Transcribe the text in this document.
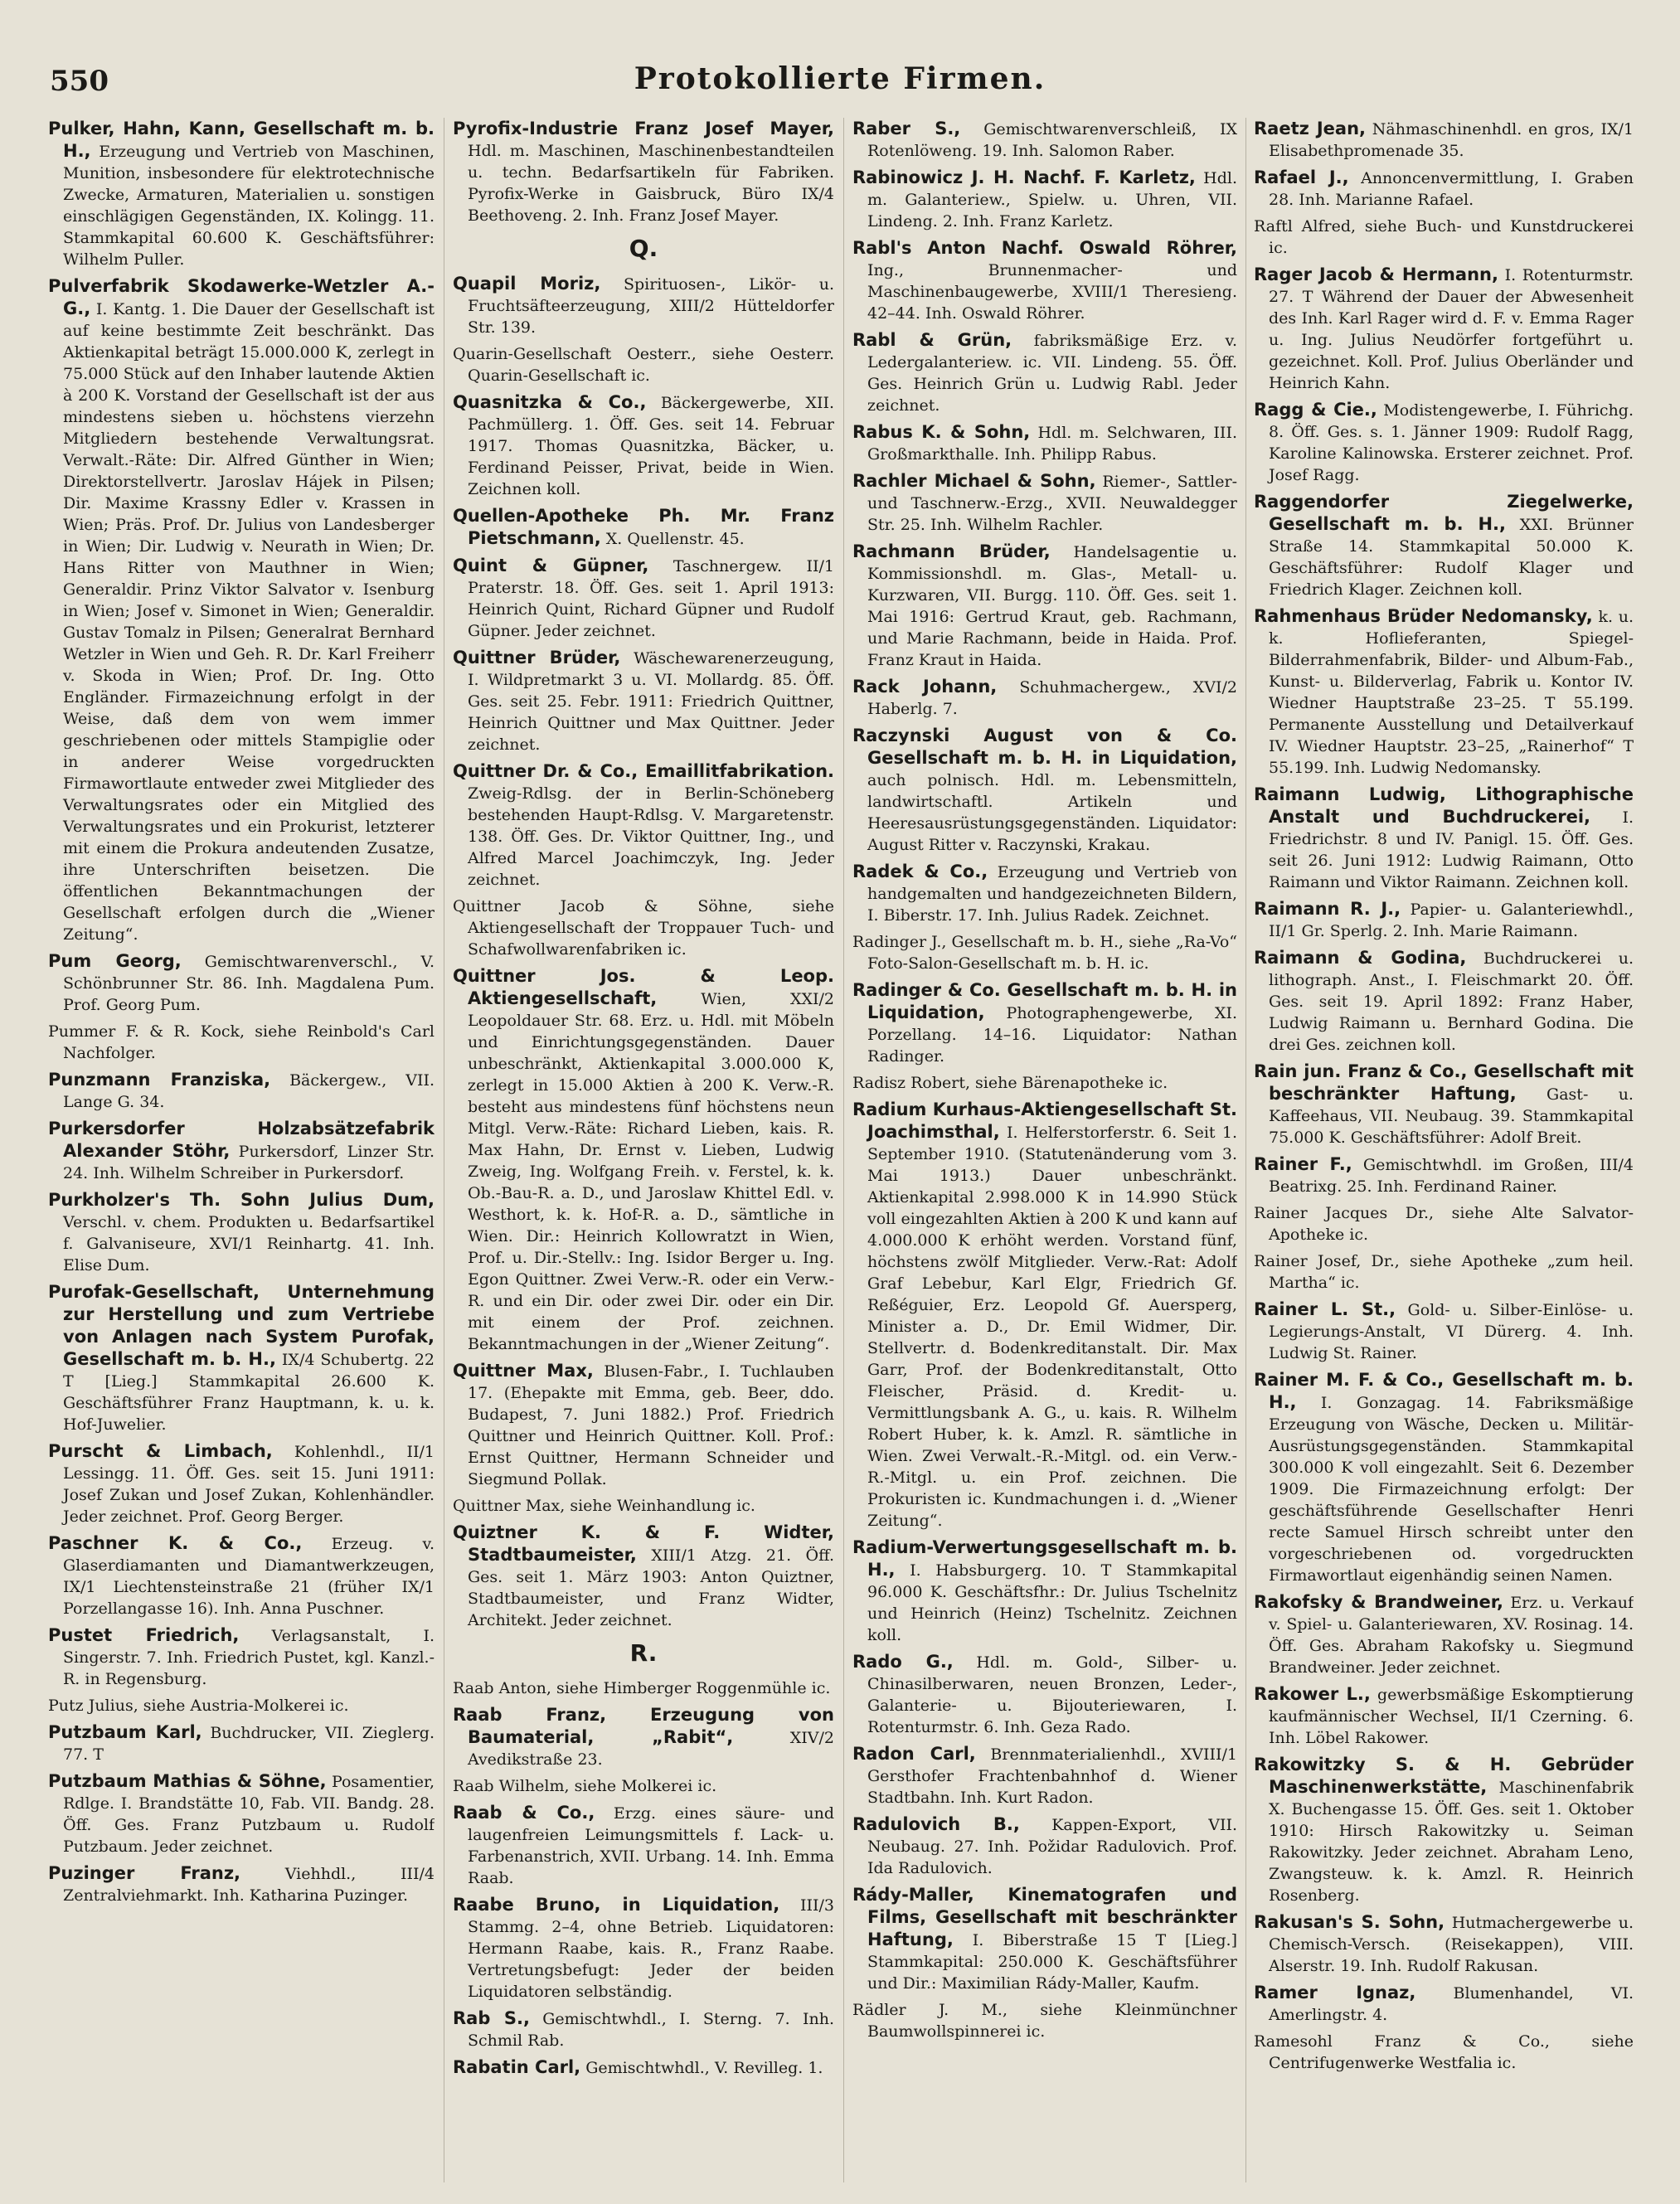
550	Protokollierte Firmen.
Pulker, Hahn, Kann, Gesellschaft m. b. H., Erzeugung und Vertrieb von Maschinen, Munition, insbesondere für elektrotechnische Zwecke, Armaturen, Materialien u. sonstigen einschlägigen Gegenständen, IX. Kolingg. 11. Stammkapital 60.600 K. Geschäftsführer: Wilhelm Puller.
Pulverfabrik Skodawerke-Wetzler A.-G., I. Kantg. 1. Die Dauer der Gesellschaft ist auf keine bestimmte Zeit beschränkt. Das Aktienkapital beträgt 15.000.000 K, zerlegt in 75.000 Stück auf den Inhaber lautende Aktien à 200 K. Vorstand der Gesellschaft ist der aus mindestens sieben u. höchstens vierzehn Mitgliedern bestehende Verwaltungsrat. Verwalt.-Räte: Dir. Alfred Günther in Wien; Direktorstellvertr. Jaroslav Hájek in Pilsen; Dir. Maxime Krassny Edler v. Krassen in Wien; Präs. Prof. Dr. Julius von Landesberger in Wien; Dir. Ludwig v. Neurath in Wien; Dr. Hans Ritter von Mauthner in Wien; Generaldir. Prinz Viktor Salvator v. Isenburg in Wien; Josef v. Simonet in Wien; Generaldir. Gustav Tomalz in Pilsen; Generalrat Bernhard Wetzler in Wien und Geh. R. Dr. Karl Freiherr v. Skoda in Wien; Prof. Dr. Ing. Otto Engländer. Firmazeichnung erfolgt in der Weise, daß dem von wem immer geschriebenen oder mittels Stampiglie oder in anderer Weise vorgedruckten Firmawortlaute entweder zwei Mitglieder des Verwaltungsrates oder ein Mitglied des Verwaltungsrates und ein Prokurist, letzterer mit einem die Prokura andeutenden Zusatze, ihre Unterschriften beisetzen. Die öffentlichen Bekanntmachungen der Gesellschaft erfolgen durch die „Wiener Zeitung“.
Pum Georg, Gemischtwarenverschl., V. Schönbrunner Str. 86. Inh. Magdalena Pum. Prof. Georg Pum.
Pummer F. & R. Kock, siehe Reinbold's Carl Nachfolger.
Punzmann Franziska, Bäckergew., VII. Lange G. 34.
Purkersdorfer Holzabsätzefabrik Alexander Stöhr, Purkersdorf, Linzer Str. 24. Inh. Wilhelm Schreiber in Purkersdorf.
Purkholzer's Th. Sohn Julius Dum, Verschl. v. chem. Produkten u. Bedarfsartikel f. Galvaniseure, XVI/1 Reinhartg. 41. Inh. Elise Dum.
Purofak-Gesellschaft, Unternehmung zur Herstellung und zum Vertriebe von Anlagen nach System Purofak, Gesellschaft m. b. H., IX/4 Schubertg. 22 T [Lieg.] Stammkapital 26.600 K. Geschäftsführer Franz Hauptmann, k. u. k. Hof-Juwelier.
Purscht & Limbach, Kohlenhdl., II/1 Lessingg. 11. Öff. Ges. seit 15. Juni 1911: Josef Zukan und Josef Zukan, Kohlenhändler. Jeder zeichnet. Prof. Georg Berger.
Paschner K. & Co., Erzeug. v. Glaserdiamanten und Diamantwerkzeugen, IX/1 Liechtensteinstraße 21 (früher IX/1 Porzellangasse 16). Inh. Anna Puschner.
Pustet Friedrich, Verlagsanstalt, I. Singerstr. 7. Inh. Friedrich Pustet, kgl. Kanzl.-R. in Regensburg.
Putz Julius, siehe Austria-Molkerei ic.
Putzbaum Karl, Buchdrucker, VII. Zieglerg. 77. T
Putzbaum Mathias & Söhne, Posamentier, Rdlge. I. Brandstätte 10, Fab. VII. Bandg. 28. Öff. Ges. Franz Putzbaum u. Rudolf Putzbaum. Jeder zeichnet.
Puzinger Franz,	Viehhdl., III/4 Zentralviehmarkt. Inh. Katharina Puzinger.
Pyrofix-Industrie Franz Josef Mayer, Hdl. m. Maschinen, Maschinenbestandteilen u. techn. Bedarfsartikeln für Fabriken. Pyrofix-Werke in Gaisbruck, Büro IX/4 Beethoveng. 2. Inh. Franz Josef Mayer.
Q.
Quapil Moriz, Spirituosen-, Likör- u. Fruchtsäfteerzeugung, XIII/2 Hütteldorfer Str. 139.
Quarin-Gesellschaft Oesterr., siehe Oesterr. Quarin-Gesellschaft ic.
Quasnitzka & Co., Bäckergewerbe, XII. Pachmüllerg. 1. Öff. Ges. seit 14. Februar 1917. Thomas Quasnitzka, Bäcker, u. Ferdinand Peisser, Privat, beide in Wien. Zeichnen koll.
Quellen-Apotheke Ph. Mr. Franz Pietschmann, X. Quellenstr. 45.
Quint & Güpner, Taschnergew. II/1 Praterstr. 18. Öff. Ges. seit 1. April 1913: Heinrich Quint, Richard Güpner und Rudolf Güpner. Jeder zeichnet.
Quittner Brüder, Wäschewarenerzeugung, I. Wildpretmarkt 3 u. VI. Mollardg. 85. Öff. Ges. seit 25. Febr. 1911: Friedrich Quittner, Heinrich Quittner und Max Quittner. Jeder zeichnet.
Quittner Dr. & Co., Emaillitfabrikation. Zweig-Rdlsg. der in Berlin-Schöneberg bestehenden Haupt-Rdlsg. V. Margaretenstr. 138. Öff. Ges. Dr. Viktor Quittner, Ing., und Alfred Marcel Joachimczyk, Ing. Jeder zeichnet.
Quittner Jacob & Söhne, siehe Aktiengesellschaft der Troppauer Tuch- und Schafwollwarenfabriken ic.
Quittner Jos. & Leop. Aktiengesellschaft,	Wien, XXI/2 Leopoldauer Str. 68. Erz. u. Hdl. mit Möbeln und Einrichtungsgegenständen. Dauer unbeschränkt, Aktienkapital 3.000.000 K, zerlegt in 15.000 Aktien à 200 K. Verw.-R. besteht aus mindestens fünf höchstens neun Mitgl. Verw.-Räte: Richard Lieben, kais. R. Max Hahn, Dr. Ernst v. Lieben, Ludwig Zweig, Ing. Wolfgang Freih. v. Ferstel, k. k. Ob.-Bau-R. a. D., und Jaroslaw Khittel Edl. v. Westhort, k. k. Hof-R. a. D., sämtliche in Wien. Dir.: Heinrich Kollowratzt in Wien, Prof. u. Dir.-Stellv.: Ing. Isidor Berger u. Ing. Egon Quittner. Zwei Verw.-R. oder ein Verw.-R. und ein Dir. oder zwei Dir. oder ein Dir. mit einem der Prof. zeichnen. Bekanntmachungen in der „Wiener Zeitung“.
Quittner Max, Blusen-Fabr., I. Tuchlauben 17. (Ehepakte mit Emma, geb. Beer, ddo. Budapest, 7. Juni 1882.) Prof. Friedrich Quittner und Heinrich Quittner. Koll. Prof.: Ernst Quittner, Hermann Schneider und Siegmund Pollak.
Quittner Max, siehe Weinhandlung ic.
Quiztner K. & F. Widter, Stadtbaumeister, XIII/1 Atzg. 21. Öff. Ges. seit 1. März 1903: Anton Quiztner, Stadtbaumeister, und Franz Widter, Architekt. Jeder zeichnet.
R.
Raab Anton, siehe Himberger Roggenmühle ic.
Raab Franz, Erzeugung von Baumaterial, „Rabit“,	XIV/2 Avedikstraße 23.
Raab Wilhelm, siehe Molkerei ic.
Raab & Co., Erzg. eines säure- und laugenfreien Leimungsmittels f. Lack- u. Farbenanstrich, XVII. Urbang. 14. Inh. Emma Raab.
Raabe Bruno, in Liquidation, III/3 Stammg. 2–4, ohne Betrieb. Liquidatoren: Hermann Raabe, kais. R., Franz Raabe. Vertretungsbefugt: Jeder der beiden Liquidatoren selbständig.
Rab S., Gemischtwhdl., I. Sterng. 7. Inh. Schmil Rab.
Rabatin Carl, Gemischtwhdl., V. Revilleg. 1.
Raber S., Gemischtwarenverschleiß, IX Rotenlöweng. 19. Inh. Salomon Raber.
Rabinowicz J. H. Nachf. F. Karletz, Hdl. m. Galanteriew., Spielw. u. Uhren, VII. Lindeng. 2. Inh. Franz Karletz.
Rabl's Anton Nachf. Oswald Röhrer, Ing., Brunnenmacher- und Maschinenbaugewerbe, XVIII/1 Theresieng. 42–44. Inh. Oswald Röhrer.
Rabl & Grün, fabriksmäßige Erz. v. Ledergalanteriew. ic. VII. Lindeng. 55. Öff. Ges. Heinrich Grün u. Ludwig Rabl. Jeder zeichnet.
Rabus K. & Sohn, Hdl. m. Selchwaren, III. Großmarkthalle. Inh. Philipp Rabus.
Rachler Michael & Sohn, Riemer-, Sattler- und Taschnerw.-Erzg., XVII. Neuwaldegger Str. 25. Inh. Wilhelm Rachler.
Rachmann Brüder, Handelsagentie u. Kommissionshdl. m. Glas-, Metall- u. Kurzwaren, VII. Burgg. 110. Öff. Ges. seit 1. Mai 1916: Gertrud Kraut, geb. Rachmann, und Marie Rachmann, beide in Haida. Prof. Franz Kraut in Haida.
Rack Johann, Schuhmachergew., XVI/2 Haberlg. 7.
Raczynski August von & Co. Gesellschaft m. b. H. in Liquidation, auch polnisch. Hdl. m. Lebensmitteln, landwirtschaftl. Artikeln und Heeresausrüstungsgegenständen. Liquidator: August Ritter v. Raczynski, Krakau.
Radek & Co., Erzeugung und Vertrieb von handgemalten und handgezeichneten Bildern, I. Biberstr. 17. Inh. Julius Radek. Zeichnet.
Radinger J., Gesellschaft m. b. H., siehe „Ra-Vo“ Foto-Salon-Gesellschaft m. b. H. ic.
Radinger & Co. Gesellschaft m. b. H. in Liquidation, Photographengewerbe, XI. Porzellang. 14–16. Liquidator: Nathan Radinger.
Radisz Robert, siehe Bärenapotheke ic.
Radium Kurhaus-Aktiengesellschaft St. Joachimsthal, I. Helferstorferstr. 6. Seit 1. September 1910. (Statutenänderung vom 3. Mai 1913.) Dauer unbeschränkt. Aktienkapital 2.998.000 K in 14.990 Stück voll eingezahlten Aktien à 200 K und kann auf 4.000.000 K erhöht werden. Vorstand fünf, höchstens zwölf Mitglieder. Verw.-Rat: Adolf Graf Lebebur, Karl Elgr, Friedrich Gf. Reßéguier, Erz. Leopold Gf. Auersperg, Minister a. D., Dr. Emil Widmer, Dir. Stellvertr. d. Bodenkreditanstalt. Dir. Max Garr, Prof. der Bodenkreditanstalt, Otto Fleischer, Präsid. d. Kredit- u. Vermittlungsbank A. G., u. kais. R. Wilhelm Robert Huber, k. k. Amzl. R. sämtliche in Wien. Zwei Verwalt.-R.-Mitgl. od. ein Verw.-R.-Mitgl. u. ein Prof. zeichnen. Die Prokuristen ic. Kundmachungen i. d. „Wiener Zeitung“.
Radium-Verwertungsgesellschaft m. b. H., I. Habsburgerg. 10. T Stammkapital 96.000 K. Geschäftsfhr.: Dr. Julius Tschelnitz und Heinrich (Heinz) Tschelnitz. Zeichnen koll.
Rado G., Hdl. m. Gold-, Silber- u. Chinasilberwaren, neuen Bronzen, Leder-, Galanterie- u. Bijouteriewaren, I. Rotenturmstr. 6. Inh. Geza Rado.
Radon Carl, Brennmaterialienhdl., XVIII/1 Gersthofer Frachtenbahnhof d. Wiener Stadtbahn. Inh. Kurt Radon.
Radulovich B., Kappen-Export, VII. Neubaug. 27. Inh. Požidar Radulovich. Prof. Ida Radulovich.
Rády-Maller, Kinematografen und Films, Gesellschaft mit beschränkter Haftung, I. Biberstraße 15 T [Lieg.] Stammkapital: 250.000 K. Geschäftsführer und Dir.: Maximilian Rády-Maller, Kaufm.
Rädler J. M., siehe Kleinmünchner Baumwollspinnerei ic.
Raetz Jean, Nähmaschinenhdl. en gros, IX/1 Elisabethpromenade 35.
Rafael J., Annoncenvermittlung, I. Graben 28. Inh. Marianne Rafael.
Raftl Alfred, siehe Buch- und Kunstdruckerei ic.
Rager Jacob & Hermann, I. Rotenturmstr. 27. T Während der Dauer der Abwesenheit des Inh. Karl Rager wird d. F. v. Emma Rager u. Ing. Julius Neudörfer fortgeführt u. gezeichnet. Koll. Prof. Julius Oberländer und Heinrich Kahn.
Ragg & Cie., Modistengewerbe, I. Führichg. 8. Öff. Ges. s. 1. Jänner 1909: Rudolf Ragg, Karoline Kalinowska. Ersterer zeichnet. Prof. Josef Ragg.
Raggendorfer Ziegelwerke, Gesellschaft m. b. H., XXI. Brünner Straße 14. Stammkapital 50.000 K. Geschäftsführer: Rudolf Klager und Friedrich Klager. Zeichnen koll.
Rahmenhaus Brüder Nedomansky, k. u. k. Hoflieferanten, Spiegel-Bilderrahmenfabrik, Bilder- und Album-Fab., Kunst- u. Bilderverlag, Fabrik u. Kontor IV. Wiedner Hauptstraße 23–25. T 55.199. Permanente Ausstellung und Detailverkauf IV. Wiedner Hauptstr. 23–25, „Rainerhof“ T 55.199. Inh. Ludwig Nedomansky.
Raimann Ludwig, Lithographische Anstalt und Buchdruckerei, I. Friedrichstr. 8 und IV. Panigl. 15. Öff. Ges. seit 26. Juni 1912: Ludwig Raimann, Otto Raimann und Viktor Raimann. Zeichnen koll.
Raimann R. J., Papier- u. Galanteriewhdl., II/1 Gr. Sperlg. 2. Inh. Marie Raimann.
Raimann & Godina, Buchdruckerei u. lithograph. Anst., I. Fleischmarkt 20. Öff. Ges. seit 19. April 1892: Franz Haber, Ludwig Raimann u. Bernhard Godina. Die drei Ges. zeichnen koll.
Rain jun. Franz & Co., Gesellschaft mit beschränkter Haftung, Gast- u. Kaffeehaus, VII. Neubaug. 39. Stammkapital 75.000 K. Geschäftsführer: Adolf Breit.
Rainer F., Gemischtwhdl. im Großen, III/4 Beatrixg. 25. Inh. Ferdinand Rainer.
Rainer Jacques Dr., siehe Alte Salvator-Apotheke ic.
Rainer Josef, Dr., siehe Apotheke „zum heil. Martha“ ic.
Rainer L. St., Gold- u. Silber-Einlöse- u. Legierungs-Anstalt, VI Dürerg. 4. Inh. Ludwig St. Rainer.
Rainer M. F. & Co., Gesellschaft m. b. H., I. Gonzagag. 14. Fabriksmäßige Erzeugung von Wäsche, Decken u. Militär-Ausrüstungsgegenständen. Stammkapital 300.000 K voll eingezahlt. Seit 6. Dezember 1909. Die Firmazeichnung erfolgt: Der geschäftsführende Gesellschafter Henri recte Samuel Hirsch schreibt unter den vorgeschriebenen od. vorgedruckten Firmawortlaut eigenhändig seinen Namen.
Rakofsky & Brandweiner, Erz. u. Verkauf v. Spiel- u. Galanteriewaren, XV. Rosinag. 14. Öff. Ges. Abraham Rakofsky u. Siegmund Brandweiner. Jeder zeichnet.
Rakower L., gewerbsmäßige Eskomptierung kaufmännischer Wechsel, II/1 Czerning. 6. Inh. Löbel Rakower.
Rakowitzky S. & H. Gebrüder Maschinenwerkstätte, Maschinenfabrik X. Buchengasse 15. Öff. Ges. seit 1. Oktober 1910: Hirsch Rakowitzky u. Seiman Rakowitzky. Jeder zeichnet. Abraham Leno, Zwangsteuw. k. k. Amzl. R. Heinrich Rosenberg.
Rakusan's S. Sohn, Hutmachergewerbe u. Chemisch-Versch. (Reisekappen), VIII. Alserstr. 19. Inh. Rudolf Rakusan.
Ramer Ignaz, Blumenhandel, VI. Amerlingstr. 4.
Ramesohl Franz & Co., siehe Centrifugenwerke Westfalia ic.
